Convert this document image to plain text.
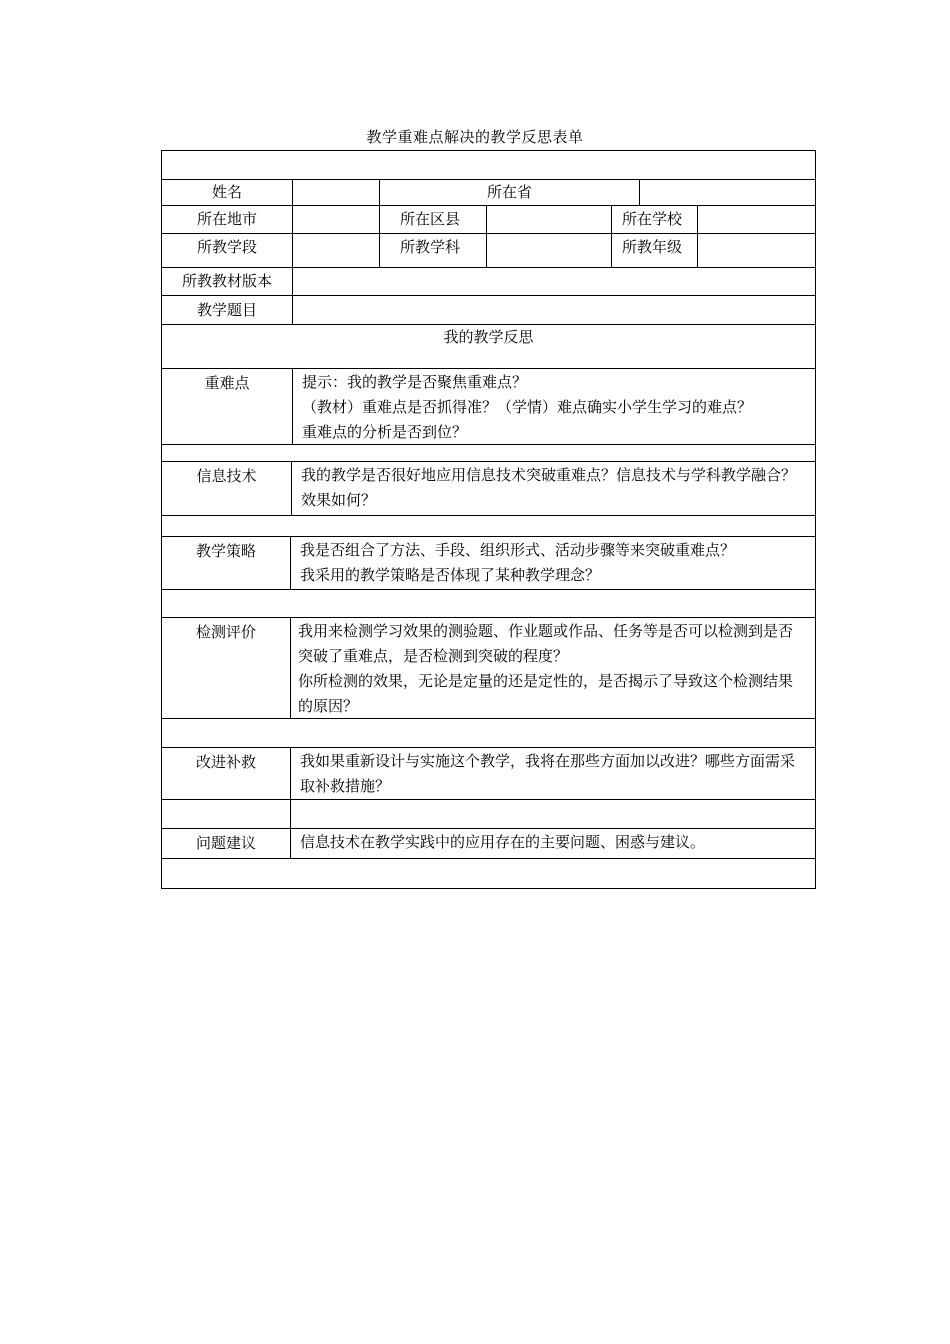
教学重难点解决的教学反思表单
姓名	所在省
所在地市	所在区县	所在学校
所教学段	所教学科	所教年级
所教教材版本
教学题目
我的教学反思
重难点	提示：我的教学是否聚焦重难点？
（教材）重难点是否抓得准？（学情）难点确实小学生学习的难点？
重难点的分析是否到位？
信息技术	我的教学是否很好地应用信息技术突破重难点？信息技术与学科教学融合？效果如何？
教学策略	我是否组合了方法、手段、组织形式、活动步骤等来突破重难点？
我采用的教学策略是否体现了某种教学理念？
检测评价	我用来检测学习效果的测验题、作业题或作品、任务等是否可以检测到是否突破了重难点，是否检测到突破的程度？
你所检测的效果，无论是定量的还是定性的，是否揭示了导致这个检测结果的原因？
改进补救	我如果重新设计与实施这个教学，我将在那些方面加以改进？哪些方面需采取补救措施？
问题建议	信息技术在教学实践中的应用存在的主要问题、困惑与建议。
